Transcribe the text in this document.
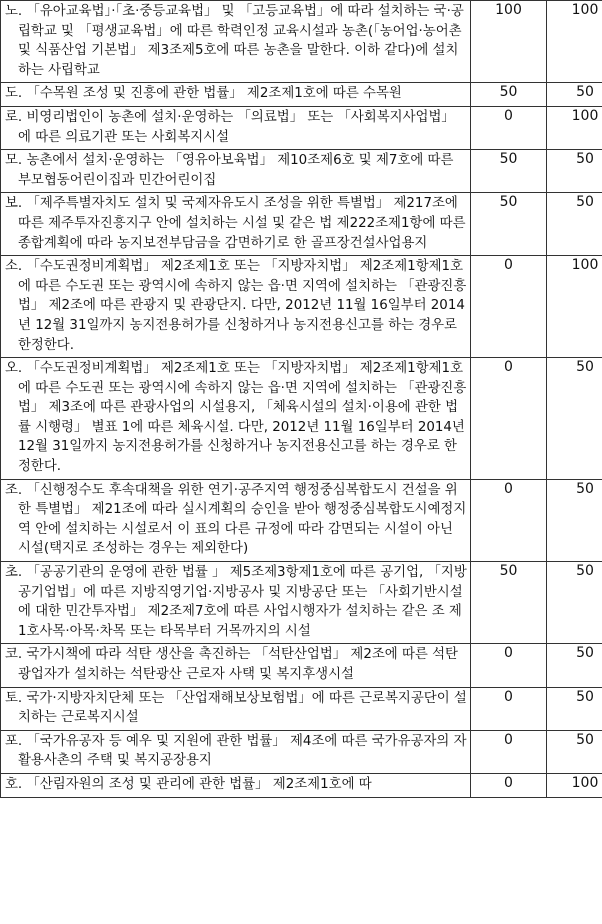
노. 「유아교육법」·「초·중등교육법」 및 「고등교육법」에 따라 설치하는 국·공립학교 및 「평생교육법」에 따른 학력인정 교육시설과 농촌(「농어업·농어촌 및 식품산업 기본법」 제3조제5호에 따른 농촌을 말한다. 이하 같다)에 설치하는 사립학교	100	100
도. 「수목원 조성 및 진흥에 관한 법률」 제2조제1호에 따른 수목원	50	50
로. 비영리법인이 농촌에 설치·운영하는 「의료법」 또는 「사회복지사업법」에 따른 의료기관 또는 사회복지시설	0	100
모. 농촌에서 설치·운영하는 「영유아보육법」 제10조제6호 및 제7호에 따른 부모협동어린이집과 민간어린이집	50	50
보. 「제주특별자치도 설치 및 국제자유도시 조성을 위한 특별법」 제217조에 따른 제주투자진흥지구 안에 설치하는 시설 및 같은 법 제222조제1항에 따른 종합계획에 따라 농지보전부담금을 감면하기로 한 골프장건설사업용지	50	50
소. 「수도권정비계획법」 제2조제1호 또는 「지방자치법」 제2조제1항제1호에 따른 수도권 또는 광역시에 속하지 않는 읍·면 지역에 설치하는 「관광진흥법」 제2조에 따른 관광지 및 관광단지. 다만, 2012년 11월 16일부터 2014년 12월 31일까지 농지전용허가를 신청하거나 농지전용신고를 하는 경우로 한정한다.	0	100
오. 「수도권정비계획법」 제2조제1호 또는 「지방자치법」 제2조제1항제1호에 따른 수도권 또는 광역시에 속하지 않는 읍·면 지역에 설치하는 「관광진흥법」 제3조에 따른 관광사업의 시설용지, 「체육시설의 설치·이용에 관한 법률 시행령」 별표 1에 따른 체육시설. 다만, 2012년 11월 16일부터 2014년 12월 31일까지 농지전용허가를 신청하거나 농지전용신고를 하는 경우로 한정한다.	0	50
조. 「신행정수도 후속대책을 위한 연기·공주지역 행정중심복합도시 건설을 위한 특별법」 제21조에 따라 실시계획의 승인을 받아 행정중심복합도시예정지역 안에 설치하는 시설로서 이 표의 다른 규정에 따라 감면되는 시설이 아닌 시설(택지로 조성하는 경우는 제외한다)	0	50
초. 「공공기관의 운영에 관한 법률 」 제5조제3항제1호에 따른 공기업, 「지방공기업법」에 따른 지방직영기업·지방공사 및 지방공단 또는 「사회기반시설에 대한 민간투자법」 제2조제7호에 따른 사업시행자가 설치하는 같은 조 제1호사목·아목·차목 또는 타목부터 거목까지의 시설	50	50
코. 국가시책에 따라 석탄 생산을 촉진하는 「석탄산업법」 제2조에 따른 석탄광업자가 설치하는 석탄광산 근로자 사택 및 복지후생시설	0	50
토. 국가·지방자치단체 또는 「산업재해보상보험법」에 따른 근로복지공단이 설치하는 근로복지시설	0	50
포. 「국가유공자 등 예우 및 지원에 관한 법률」 제4조에 따른 국가유공자의 자활용사촌의 주택 및 복지공장용지	0	50
호. 「산림자원의 조성 및 관리에 관한 법률」 제2조제1호에 따	0	100
